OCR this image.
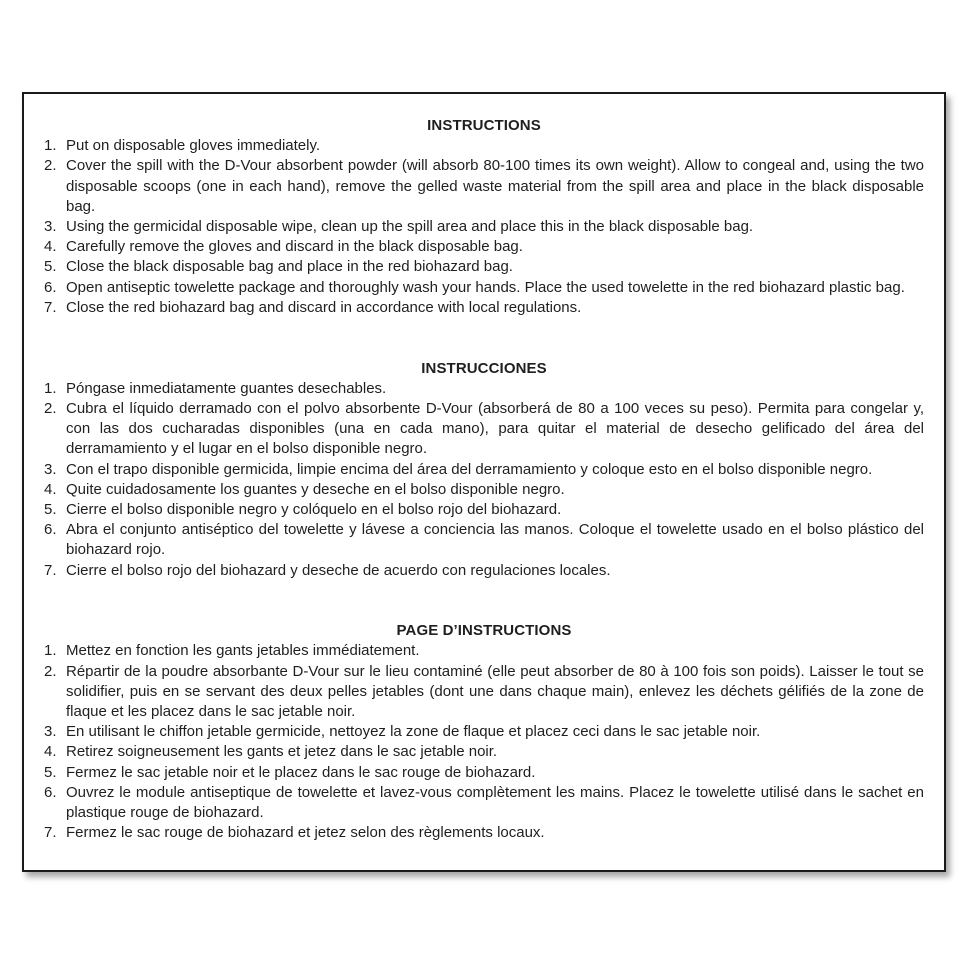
INSTRUCTIONS
1. Put on disposable gloves immediately.
2. Cover the spill with the D-Vour absorbent powder (will absorb 80-100 times its own weight). Allow to congeal and, using the two disposable scoops (one in each hand), remove the gelled waste material from the spill area and place in the black disposable bag.
3. Using the germicidal disposable wipe, clean up the spill area and place this in the black disposable bag.
4. Carefully remove the gloves and discard in the black disposable bag.
5. Close the black disposable bag and place in the red biohazard bag.
6. Open antiseptic towelette package and thoroughly wash your hands. Place the used towelette in the red biohazard plastic bag.
7. Close the red biohazard bag and discard in accordance with local regulations.
INSTRUCCIONES
1. Póngase inmediatamente guantes desechables.
2. Cubra el líquido derramado con el polvo absorbente D-Vour (absorberá de 80 a 100 veces su peso). Permita para congelar y, con las dos cucharadas disponibles (una en cada mano), para quitar el material de desecho gelificado del área del derramamiento y el lugar en el bolso disponible negro.
3. Con el trapo disponible germicida, limpie encima del área del derramamiento y coloque esto en el bolso disponible negro.
4. Quite cuidadosamente los guantes y deseche en el bolso disponible negro.
5. Cierre el bolso disponible negro y colóquelo en el bolso rojo del biohazard.
6. Abra el conjunto antiséptico del towelette y lávese a conciencia las manos. Coloque el towelette usado en el bolso plástico del biohazard rojo.
7. Cierre el bolso rojo del biohazard y deseche de acuerdo con regulaciones locales.
PAGE D’INSTRUCTIONS
1. Mettez en fonction les gants jetables immédiatement.
2. Répartir de la poudre absorbante D-Vour sur le lieu contaminé (elle peut absorber de 80 à 100 fois son poids). Laisser le tout se solidifier, puis en se servant des deux pelles jetables (dont une dans chaque main), enlevez les déchets gélifiés de la zone de flaque et les placez dans le sac jetable noir.
3. En utilisant le chiffon jetable germicide, nettoyez la zone de flaque et placez ceci dans le sac jetable noir.
4. Retirez soigneusement les gants et jetez dans le sac jetable noir.
5. Fermez le sac jetable noir et le placez dans le sac rouge de biohazard.
6. Ouvrez le module antiseptique de towelette et lavez-vous complètement les mains. Placez le towelette utilisé dans le sachet en plastique rouge de biohazard.
7. Fermez le sac rouge de biohazard et jetez selon des règlements locaux.
